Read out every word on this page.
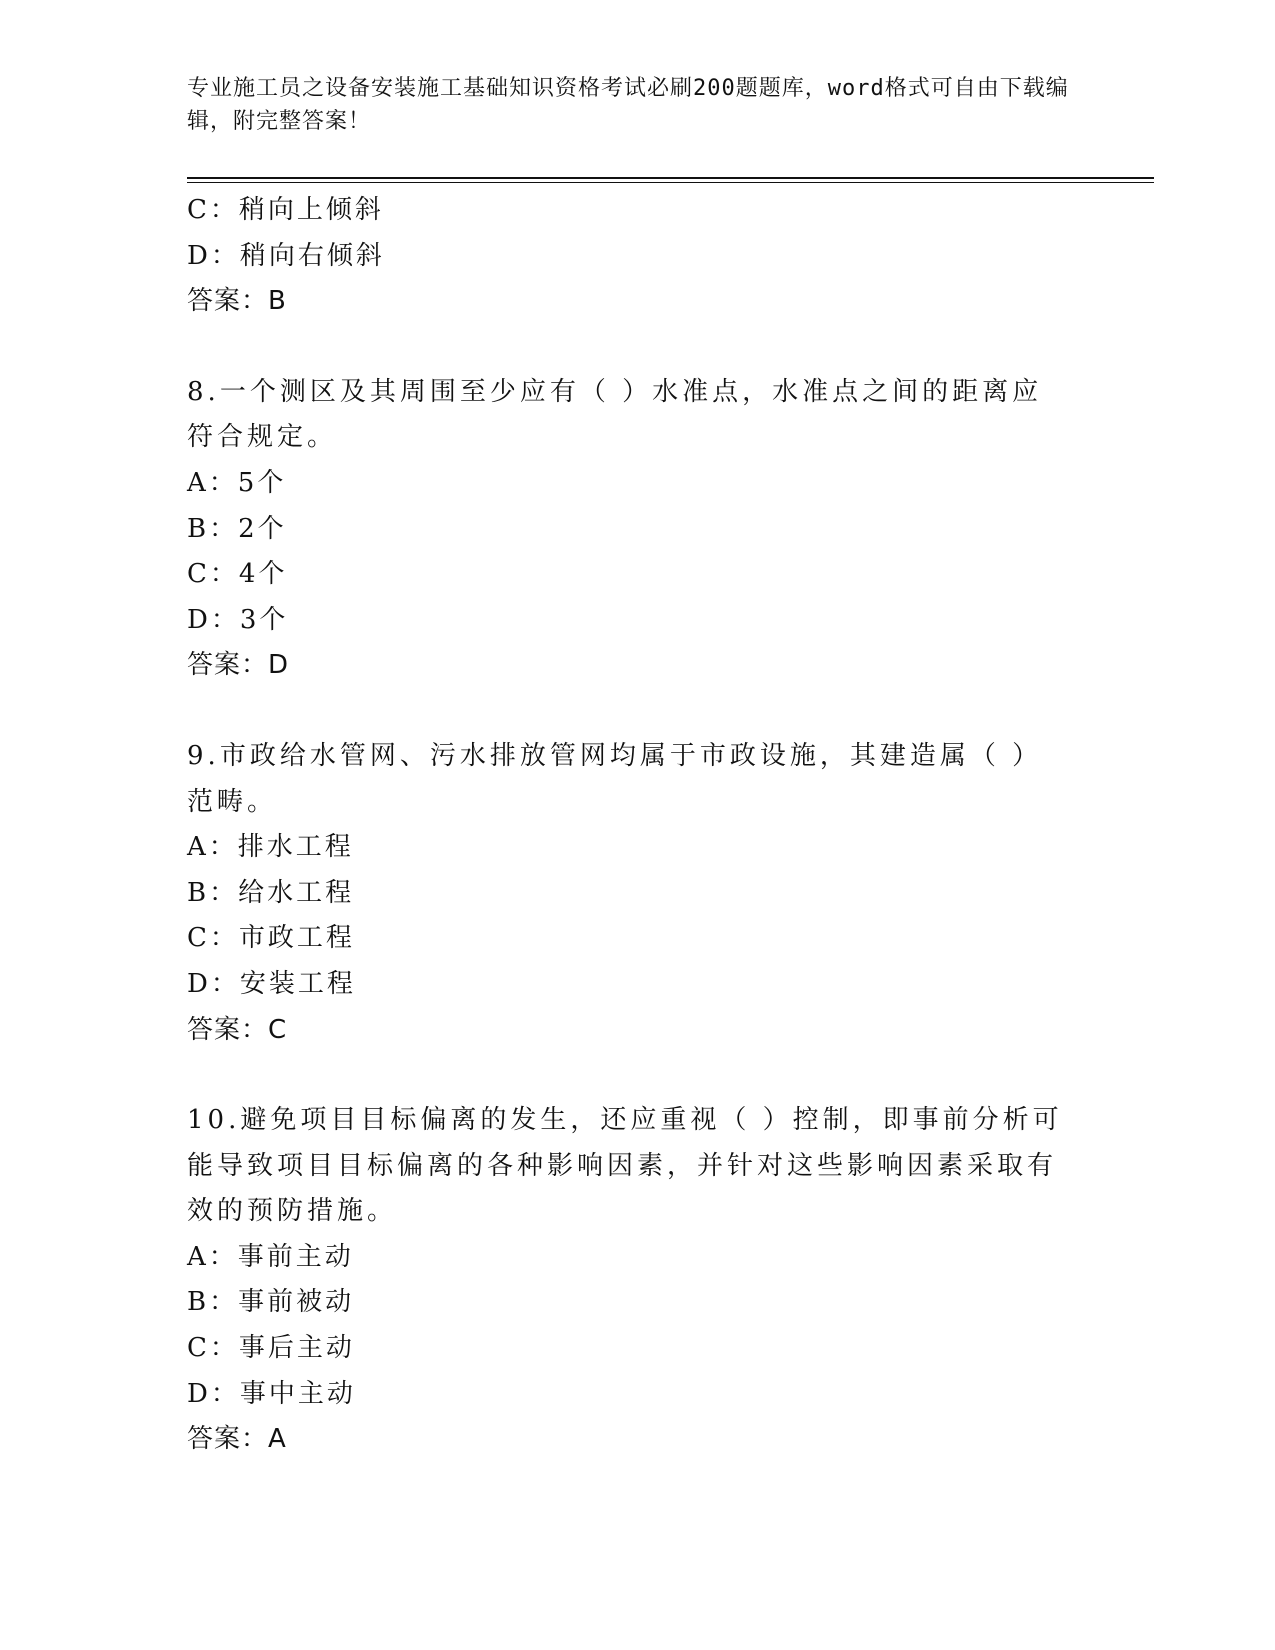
专业施工员之设备安装施工基础知识资格考试必刷200题题库，word格式可自由下载编辑，附完整答案！
C：稍向上倾斜
D：稍向右倾斜
答案：B
8.一个测区及其周围至少应有（ ）水准点，水准点之间的距离应符合规定。
A：5个
B：2个
C：4个
D：3个
答案：D
9.市政给水管网、污水排放管网均属于市政设施，其建造属（ ）范畴。
A：排水工程
B：给水工程
C：市政工程
D：安装工程
答案：C
10.避免项目目标偏离的发生，还应重视（ ）控制，即事前分析可能导致项目目标偏离的各种影响因素，并针对这些影响因素采取有效的预防措施。
A：事前主动
B：事前被动
C：事后主动
D：事中主动
答案：A
